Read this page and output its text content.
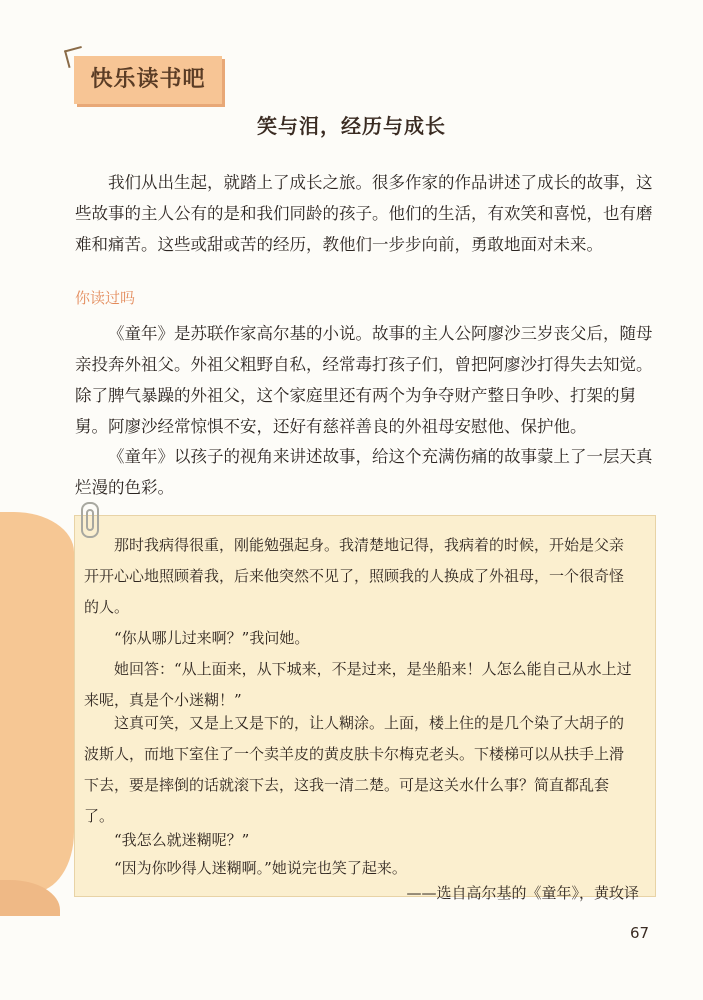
快乐读书吧
笑与泪，经历与成长

我们从出生起，就踏上了成长之旅。很多作家的作品讲述了成长的故事，这些故事的主人公有的是和我们同龄的孩子。他们的生活，有欢笑和喜悦，也有磨难和痛苦。这些或甜或苦的经历，教他们一步步向前，勇敢地面对未来。

你读过吗

《童年》是苏联作家高尔基的小说。故事的主人公阿廖沙三岁丧父后，随母亲投奔外祖父。外祖父粗野自私，经常毒打孩子们，曾把阿廖沙打得失去知觉。除了脾气暴躁的外祖父，这个家庭里还有两个为争夺财产整日争吵、打架的舅舅。阿廖沙经常惊惧不安，还好有慈祥善良的外祖母安慰他、保护他。

《童年》以孩子的视角来讲述故事，给这个充满伤痛的故事蒙上了一层天真烂漫的色彩。

那时我病得很重，刚能勉强起身。我清楚地记得，我病着的时候，开始是父亲开开心心地照顾着我，后来他突然不见了，照顾我的人换成了外祖母，一个很奇怪的人。

“你从哪儿过来啊？”我问她。

她回答：“从上面来，从下城来，不是过来，是坐船来！人怎么能自己从水上过来呢，真是个小迷糊！”

这真可笑，又是上又是下的，让人糊涂。上面，楼上住的是几个染了大胡子的波斯人，而地下室住了一个卖羊皮的黄皮肤卡尔梅克老头。下楼梯可以从扶手上滑下去，要是摔倒的话就滚下去，这我一清二楚。可是这关水什么事？简直都乱套了。

“我怎么就迷糊呢？”

“因为你吵得人迷糊啊。”她说完也笑了起来。

——选自高尔基的《童年》，黄玫译
67
